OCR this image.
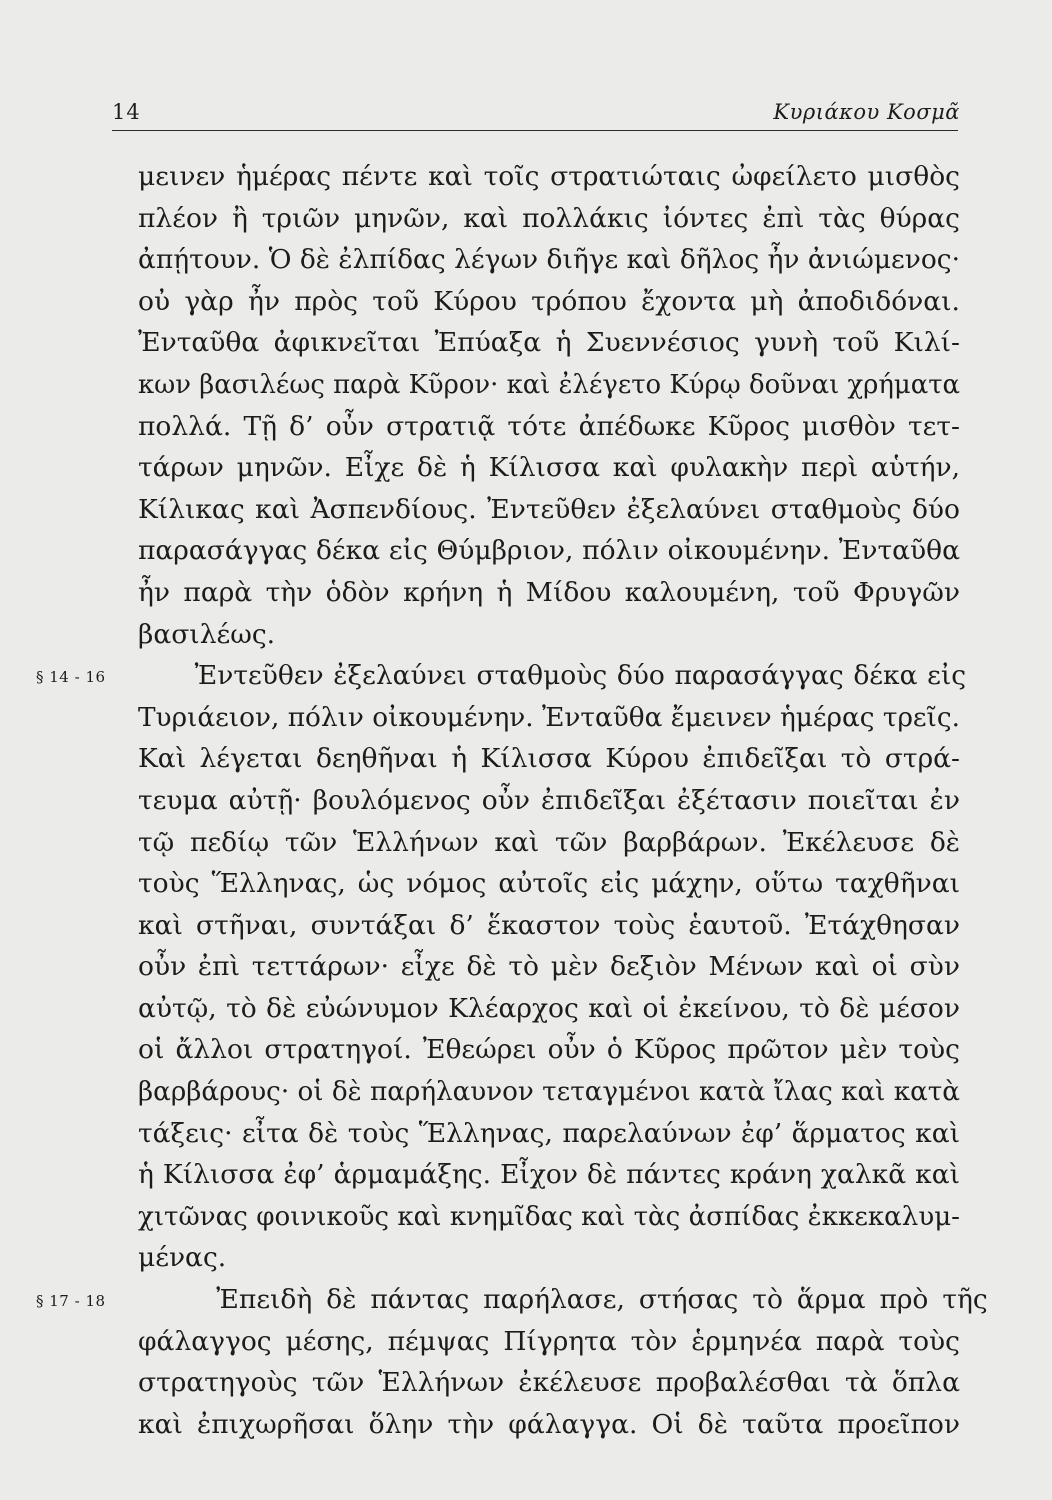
14	Κυριάκου Κοσμᾶ
μεινεν ἡμέρας πέντε καὶ τοῖς στρατιώταις ὠφείλετο μισθὸς
πλέον ἢ τριῶν μηνῶν, καὶ πολλάκις ἰόντες ἐπὶ τὰς θύρας
ἀπῄτουν. Ὁ δὲ ἐλπίδας λέγων διῆγε καὶ δῆλος ἦν ἀνιώμενος·
οὐ γὰρ ἦν πρὸς τοῦ Κύρου τρόπου ἔχοντα μὴ ἀποδιδόναι.
Ἐνταῦθα ἀφικνεῖται Ἐπύαξα ἡ Συεννέσιος γυνὴ τοῦ Κιλί-
κων βασιλέως παρὰ Κῦρον· καὶ ἐλέγετο Κύρῳ δοῦναι χρήματα
πολλά. Τῇ δ’ οὖν στρατιᾷ τότε ἀπέδωκε Κῦρος μισθὸν τετ-
τάρων μηνῶν. Εἶχε δὲ ἡ Κίλισσα καὶ φυλακὴν περὶ αὑτήν,
Κίλικας καὶ Ἀσπενδίους. Ἐντεῦθεν ἐξελαύνει σταθμοὺς δύο
παρασάγγας δέκα εἰς Θύμβριον, πόλιν οἰκουμένην. Ἐνταῦθα
ἦν παρὰ τὴν ὁδὸν κρήνη ἡ Μίδου καλουμένη, τοῦ Φρυγῶν
βασιλέως.
Ἐντεῦθεν ἐξελαύνει σταθμοὺς δύο παρασάγγας δέκα εἰς
§ 14 - 16
Τυριάειον, πόλιν οἰκουμένην. Ἐνταῦθα ἔμεινεν ἡμέρας τρεῖς.
Καὶ λέγεται δεηθῆναι ἡ Κίλισσα Κύρου ἐπιδεῖξαι τὸ στρά-
τευμα αὐτῇ· βουλόμενος οὖν ἐπιδεῖξαι ἐξέτασιν ποιεῖται ἐν
τῷ πεδίῳ τῶν Ἑλλήνων καὶ τῶν βαρβάρων. Ἐκέλευσε δὲ
τοὺς Ἕλληνας, ὡς νόμος αὐτοῖς εἰς μάχην, οὕτω ταχθῆναι
καὶ στῆναι, συντάξαι δ’ ἕκαστον τοὺς ἑαυτοῦ. Ἐτάχθησαν
οὖν ἐπὶ τεττάρων· εἶχε δὲ τὸ μὲν δεξιὸν Μένων καὶ οἱ σὺν
αὐτῷ, τὸ δὲ εὐώνυμον Κλέαρχος καὶ οἱ ἐκείνου, τὸ δὲ μέσον
οἱ ἄλλοι στρατηγοί. Ἐθεώρει οὖν ὁ Κῦρος πρῶτον μὲν τοὺς
βαρβάρους· οἱ δὲ παρήλαυνον τεταγμένοι κατὰ ἴλας καὶ κατὰ
τάξεις· εἶτα δὲ τοὺς Ἕλληνας, παρελαύνων ἐφ’ ἅρματος καὶ
ἡ Κίλισσα ἐφ’ ἁρμαμάξης. Εἶχον δὲ πάντες κράνη χαλκᾶ καὶ
χιτῶνας φοινικοῦς καὶ κνημῖδας καὶ τὰς ἀσπίδας ἐκκεκαλυμ-
μένας.
Ἐπειδὴ δὲ πάντας παρήλασε, στήσας τὸ ἅρμα πρὸ τῆς
§ 17 - 18
φάλαγγος μέσης, πέμψας Πίγρητα τὸν ἑρμηνέα παρὰ τοὺς
στρατηγοὺς τῶν Ἑλλήνων ἐκέλευσε προβαλέσθαι τὰ ὅπλα
καὶ ἐπιχωρῆσαι ὅλην τὴν φάλαγγα. Οἱ δὲ ταῦτα προεῖπον
